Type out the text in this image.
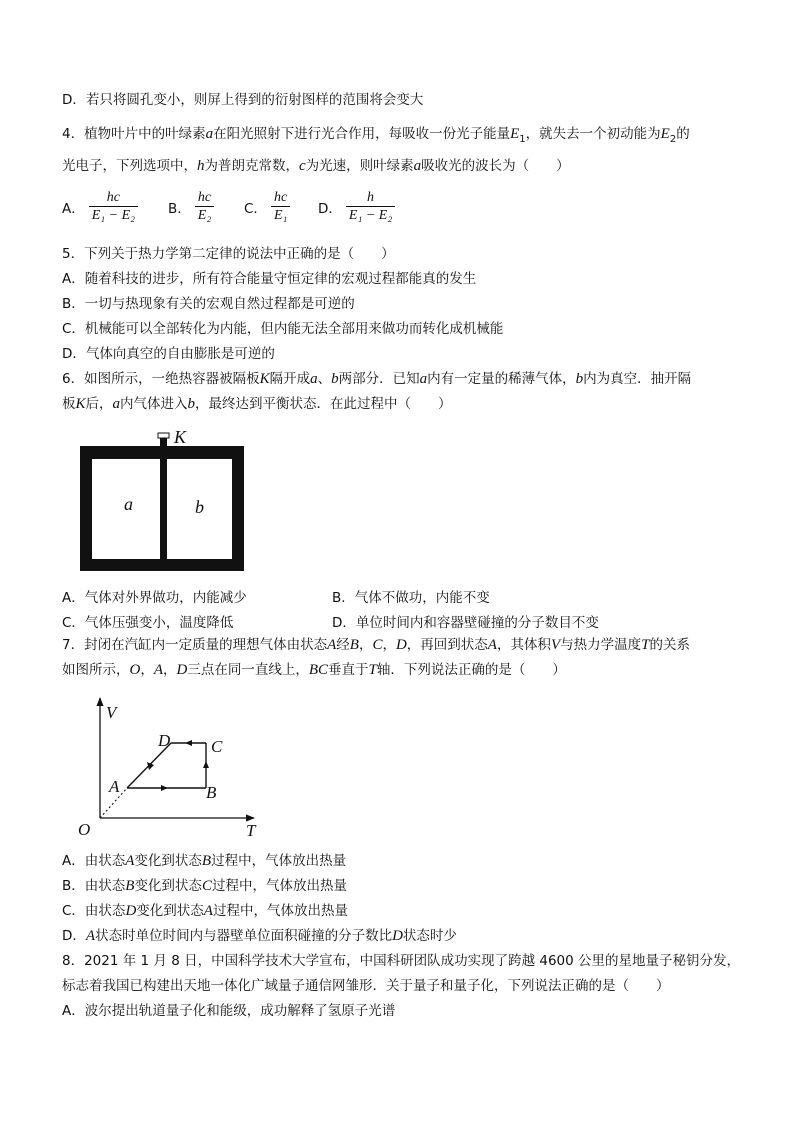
D．若只将圆孔变小，则屏上得到的衍射图样的范围将会变大
4．植物叶片中的叶绿素a在阳光照射下进行光合作用，每吸收一份光子能量$E_1$，就失去一个初动能为$E_2$的
光电子，下列选项中，h为普朗克常数，c为光速，则叶绿素a吸收光的波长为（　　）
A． $\frac{hc}{\text{E₁ − E₂}}$ B． $\frac{hc}{\text{E₂}}$ C． $\frac{hc}{\text{E₁}}$ D． $\frac{h}{\text{E₁ − E₂}}$
5．下列关于热力学第二定律的说法中正确的是（　　）
A．随着科技的进步，所有符合能量守恒定律的宏观过程都能真的发生
B．一切与热现象有关的宏观自然过程都是可逆的
C．机械能可以全部转化为内能，但内能无法全部用来做功而转化成机械能
D．气体向真空的自由膨胀是可逆的
6．如图所示，一绝热容器被隔板K隔开成a、b两部分．已知a内有一定量的稀薄气体，b内为真空．抽开隔
板K后，a内气体进入b，最终达到平衡状态．在此过程中（　　）
K
a	b
A．气体对外界做功，内能减少	B．气体不做功，内能不变
C．气体压强变小，温度降低	D．单位时间内和容器壁碰撞的分子数目不变
7．封闭在汽缸内一定质量的理想气体由状态A经B，C，D，再回到状态A，其体积V与热力学温度T的关系
如图所示，O，A，D三点在同一直线上，BC垂直于T轴．下列说法正确的是（　　）
V
T
O
A	B
C
D
A．由状态A变化到状态B过程中，气体放出热量
B．由状态B变化到状态C过程中，气体放出热量
C．由状态D变化到状态A过程中，气体放出热量
D．A状态时单位时间内与器壁单位面积碰撞的分子数比D状态时少
8．2021 年 1 月 8 日，中国科学技术大学宣布，中国科研团队成功实现了跨越 4600 公里的星地量子秘钥分发，
标志着我国已构建出天地一体化广域量子通信网雏形．关于量子和量子化，下列说法正确的是（　　）
A．波尔提出轨道量子化和能级，成功解释了氢原子光谱
